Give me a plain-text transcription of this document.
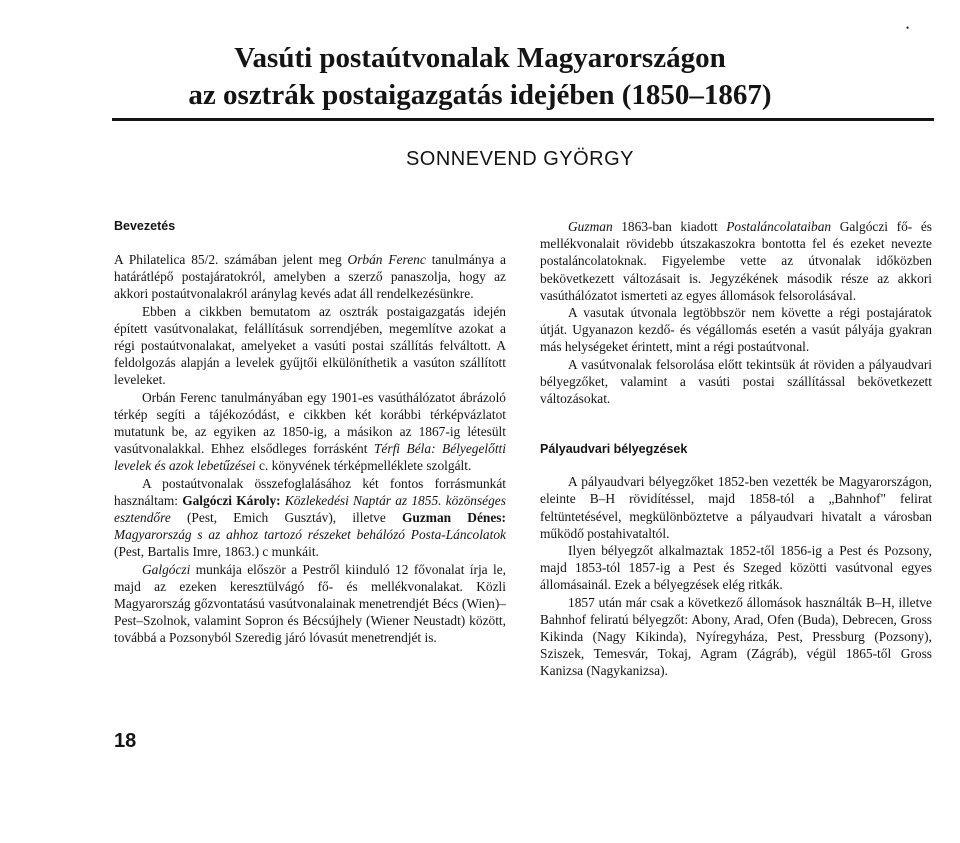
•
Vasúti postaútvonalak Magyarországon
az osztrák postaigazgatás idejében (1850–1867)
SONNEVEND GYÖRGY
Bevezetés

A Philatelica 85/2. számában jelent meg Orbán Ferenc tanulmánya a határátlépő postajáratokról, amelyben a szerző panaszolja, hogy az akkori postaútvonalakról aránylag kevés adat áll rendelkezésünkre.

Ebben a cikkben bemutatom az osztrák postaigazgatás idején épített vasútvonalakat, felállításuk sorrendjében, megemlítve azokat a régi postaútvonalakat, amelyeket a vasúti postai szállítás felváltott. A feldolgozás alapján a levelek gyűjtői elkülöníthetik a vasúton szállított leveleket.

Orbán Ferenc tanulmányában egy 1901-es vasúthálózatot ábrázoló térkép segíti a tájékozódást, e cikkben két korábbi térképvázlatot mutatunk be, az egyiken az 1850-ig, a másikon az 1867-ig létesült vasútvonalakkal. Ehhez elsődleges forrásként Térfi Béla: Bélyegelőtti levelek és azok lebetűzései c. könyvének térképmelléklete szolgált.

A postaútvonalak összefoglalásához két fontos forrásmunkát használtam: Galgóczi Károly: Közlekedési Naptár az 1855. közönséges esztendőre (Pest, Emich Gusztáv), illetve Guzman Dénes: Magyarország s az ahhoz tartozó részeket behálózó Posta-Láncolatok (Pest, Bartalis Imre, 1863.) c munkáit.

Galgóczi munkája először a Pestről kiinduló 12 fővonalat írja le, majd az ezeken keresztülvágó fő- és mellékvonalakat. Közli Magyarország gőzvontatású vasútvonalainak menetrendjét Bécs (Wien)–Pest–Szolnok, valamint Sopron és Bécsújhely (Wiener Neustadt) között, továbbá a Pozsonyból Szeredig járó lóvasút menetrendjét is.

Guzman 1863-ban kiadott Postaláncolataiban Galgóczi fő- és mellékvonalait rövidebb útszakaszokra bontotta fel és ezeket nevezte postaláncolatoknak. Figyelembe vette az útvonalak időközben bekövetkezett változásait is. Jegyzékének második része az akkori vasúthálózatot ismerteti az egyes állomások felsorolásával.

A vasutak útvonala legtöbbször nem követte a régi postajáratok útját. Ugyanazon kezdő- és végállomás esetén a vasút pályája gyakran más helységeket érintett, mint a régi postaútvonal.

A vasútvonalak felsorolása előtt tekintsük át röviden a pályaudvari bélyegzőket, valamint a vasúti postai szállítással bekövetkezett változásokat.

Pályaudvari bélyegzések

A pályaudvari bélyegzőket 1852-ben vezették be Magyarországon, eleinte B–H rövidítéssel, majd 1858-tól a „Bahnhof" felirat feltüntetésével, megkülönböztetve a pályaudvari hivatalt a városban működő postahivataltól.

Ilyen bélyegzőt alkalmaztak 1852-től 1856-ig a Pest és Pozsony, majd 1853-tól 1857-ig a Pest és Szeged közötti vasútvonal egyes állomásainál. Ezek a bélyegzések elég ritkák.

1857 után már csak a következő állomások használták B–H, illetve Bahnhof feliratú bélyegzőt: Abony, Arad, Ofen (Buda), Debrecen, Gross Kikinda (Nagy Kikinda), Nyíregyháza, Pest, Pressburg (Pozsony), Sziszek, Temesvár, Tokaj, Agram (Zágráb), végül 1865-től Gross Kanizsa (Nagykanizsa).

18
